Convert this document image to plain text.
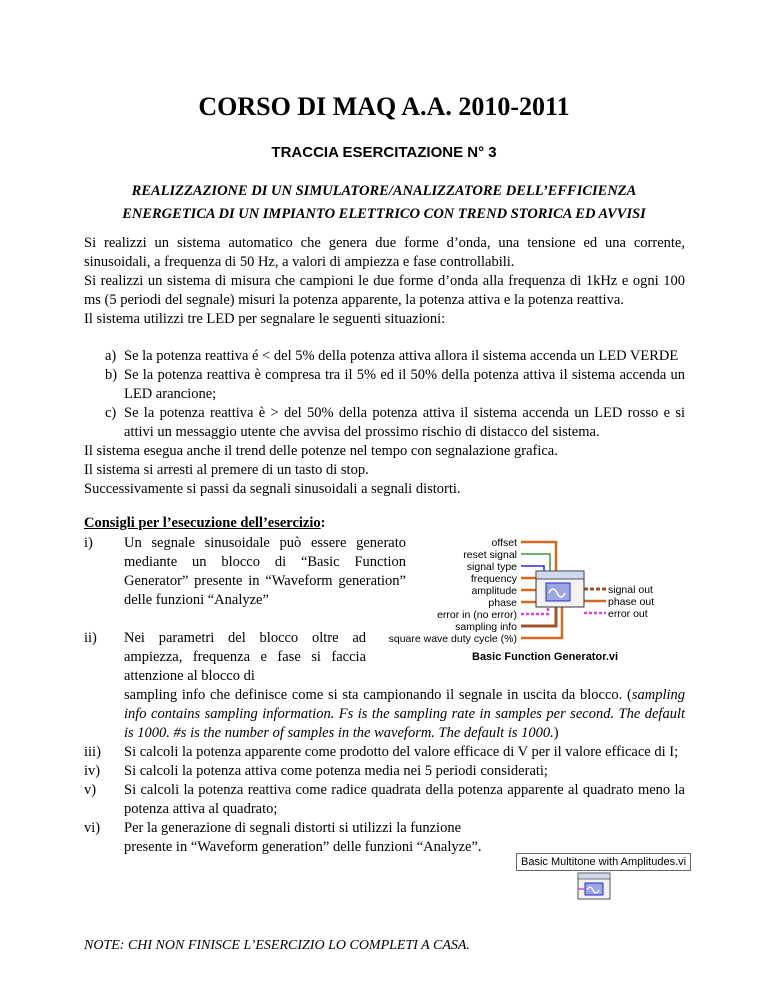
CORSO DI MAQ A.A. 2010-2011
TRACCIA ESERCITAZIONE N° 3
REALIZZAZIONE DI UN SIMULATORE/ANALIZZATORE DELL’EFFICIENZA
ENERGETICA DI UN IMPIANTO ELETTRICO CON TREND STORICA ED AVVISI

Si realizzi un sistema automatico che genera due forme d’onda, una tensione ed una corrente, sinusoidali, a frequenza di 50 Hz, a valori di ampiezza e fase controllabili.

Si realizzi un sistema di misura che campioni le due forme d’onda alla frequenza di 1kHz e ogni 100 ms (5 periodi del segnale) misuri la potenza apparente, la potenza attiva e la potenza reattiva.

Il sistema utilizzi tre LED per segnalare le seguenti situazioni:

a) Se la potenza reattiva é < del 5% della potenza attiva allora il sistema accenda un LED VERDE
b) Se la potenza reattiva è compresa tra il 5% ed il 50% della potenza attiva il sistema accenda un LED arancione;
c) Se la potenza reattiva è > del 50% della potenza attiva il sistema accenda un LED rosso e si attivi un messaggio utente che avvisa del prossimo rischio di distacco del sistema.

Il sistema esegua anche il trend delle potenze nel tempo con segnalazione grafica.

Il sistema si arresti al premere di un tasto di stop.

Successivamente si passi da segnali sinusoidali a segnali distorti.

Consigli per l’esecuzione dell’esercizio:
i) Un segnale sinusoidale può essere generato mediante un blocco di “Basic Function Generator” presente in “Waveform generation” delle funzioni “Analyze”
ii) Nei parametri del blocco oltre ad ampiezza, frequenza e fase si faccia attenzione al blocco di
sampling info che definisce come si sta campionando il segnale in uscita da blocco. (sampling info contains sampling information. Fs is the sampling rate in samples per second. The default is 1000. #s is the number of samples in the waveform. The default is 1000.)
iii) Si calcoli la potenza apparente come prodotto del valore efficace di V per il valore efficace di I;
iv) Si calcoli la potenza attiva come potenza media nei 5 periodi considerati;
v) Si calcoli la potenza reattiva come radice quadrata della potenza apparente al quadrato meno la potenza attiva al quadrato;
vi) Per la generazione di segnali distorti si utilizzi la funzione
presente in “Waveform generation” delle funzioni “Analyze”.
offset
reset signal
signal type
frequency
amplitude
phase
error in (no error)
sampling info
square wave duty cycle (%)
signal out
phase out
error out
Basic Function Generator.vi
Basic Multitone with Amplitudes.vi
NOTE: CHI NON FINISCE L’ESERCIZIO LO COMPLETI A CASA.
